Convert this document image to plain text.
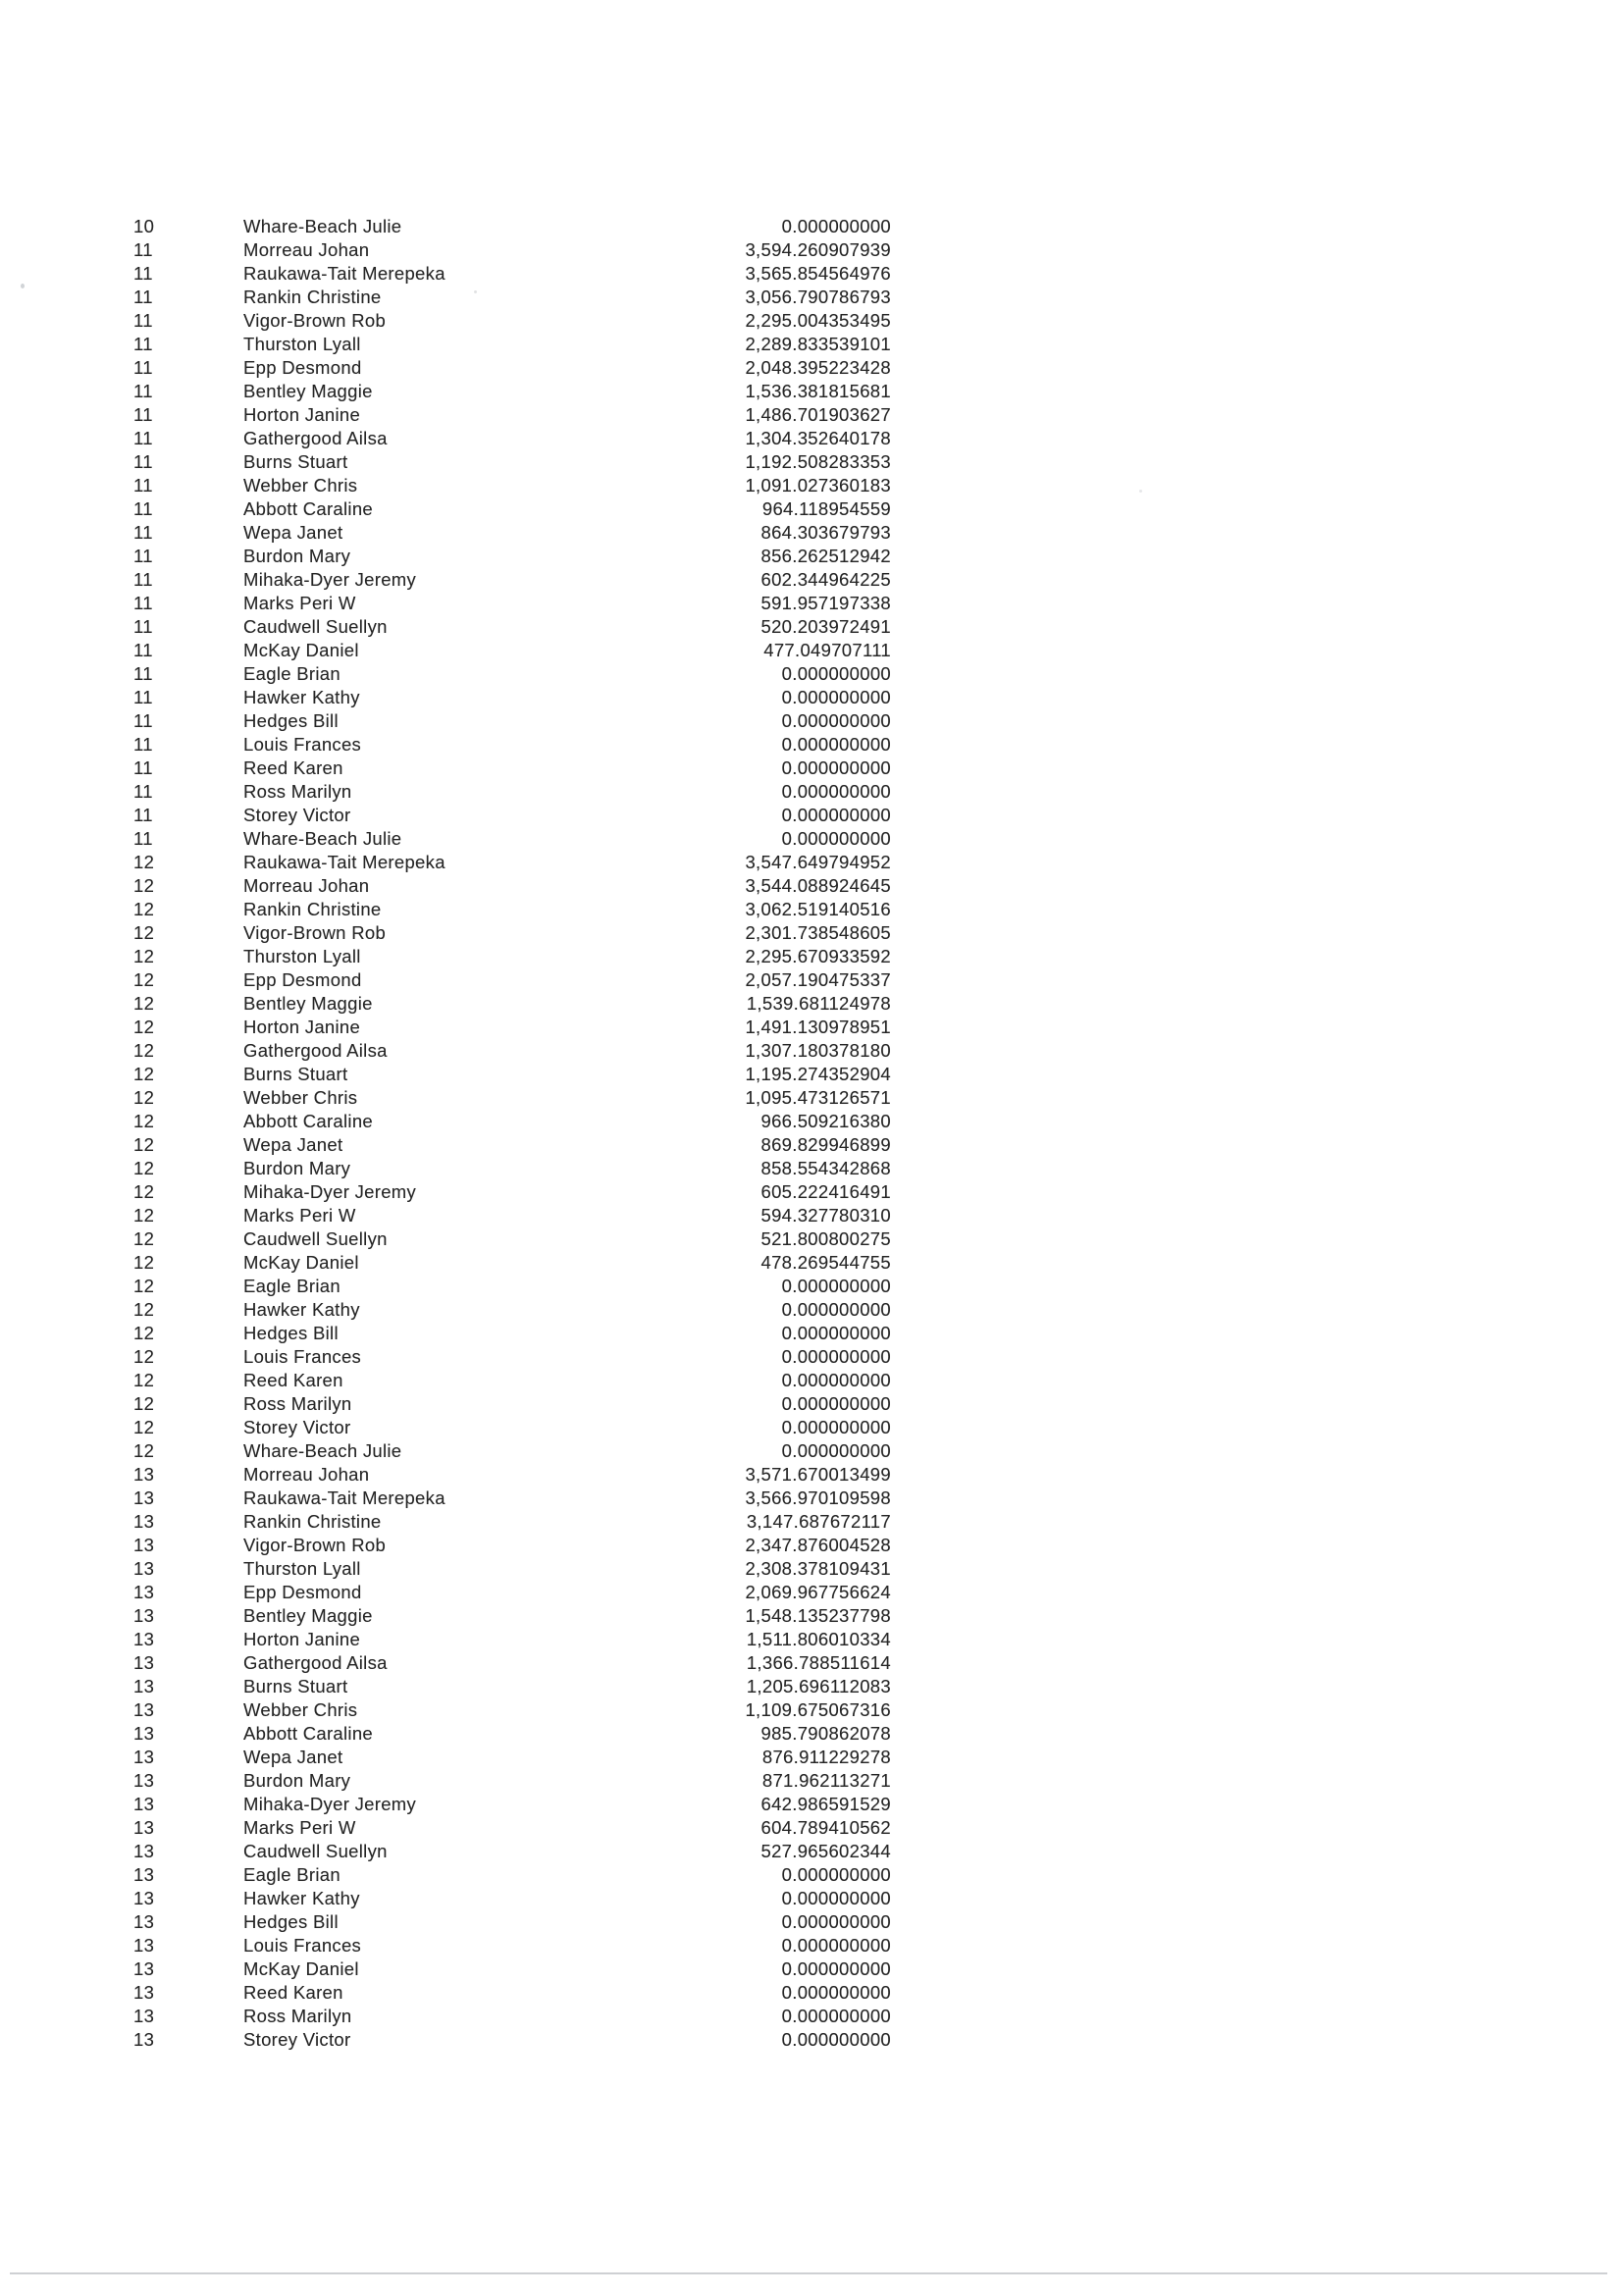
10	Whare-Beach Julie	0.000000000
11	Morreau Johan	3,594.260907939
11	Raukawa-Tait Merepeka	3,565.854564976
11	Rankin Christine	3,056.790786793
11	Vigor-Brown Rob	2,295.004353495
11	Thurston Lyall	2,289.833539101
11	Epp Desmond	2,048.395223428
11	Bentley Maggie	1,536.381815681
11	Horton Janine	1,486.701903627
11	Gathergood Ailsa	1,304.352640178
11	Burns Stuart	1,192.508283353
11	Webber Chris	1,091.027360183
11	Abbott Caraline	964.118954559
11	Wepa Janet	864.303679793
11	Burdon Mary	856.262512942
11	Mihaka-Dyer Jeremy	602.344964225
11	Marks Peri W	591.957197338
11	Caudwell Suellyn	520.203972491
11	McKay Daniel	477.049707111
11	Eagle Brian	0.000000000
11	Hawker Kathy	0.000000000
11	Hedges Bill	0.000000000
11	Louis Frances	0.000000000
11	Reed Karen	0.000000000
11	Ross Marilyn	0.000000000
11	Storey Victor	0.000000000
11	Whare-Beach Julie	0.000000000
12	Raukawa-Tait Merepeka	3,547.649794952
12	Morreau Johan	3,544.088924645
12	Rankin Christine	3,062.519140516
12	Vigor-Brown Rob	2,301.738548605
12	Thurston Lyall	2,295.670933592
12	Epp Desmond	2,057.190475337
12	Bentley Maggie	1,539.681124978
12	Horton Janine	1,491.130978951
12	Gathergood Ailsa	1,307.180378180
12	Burns Stuart	1,195.274352904
12	Webber Chris	1,095.473126571
12	Abbott Caraline	966.509216380
12	Wepa Janet	869.829946899
12	Burdon Mary	858.554342868
12	Mihaka-Dyer Jeremy	605.222416491
12	Marks Peri W	594.327780310
12	Caudwell Suellyn	521.800800275
12	McKay Daniel	478.269544755
12	Eagle Brian	0.000000000
12	Hawker Kathy	0.000000000
12	Hedges Bill	0.000000000
12	Louis Frances	0.000000000
12	Reed Karen	0.000000000
12	Ross Marilyn	0.000000000
12	Storey Victor	0.000000000
12	Whare-Beach Julie	0.000000000
13	Morreau Johan	3,571.670013499
13	Raukawa-Tait Merepeka	3,566.970109598
13	Rankin Christine	3,147.687672117
13	Vigor-Brown Rob	2,347.876004528
13	Thurston Lyall	2,308.378109431
13	Epp Desmond	2,069.967756624
13	Bentley Maggie	1,548.135237798
13	Horton Janine	1,511.806010334
13	Gathergood Ailsa	1,366.788511614
13	Burns Stuart	1,205.696112083
13	Webber Chris	1,109.675067316
13	Abbott Caraline	985.790862078
13	Wepa Janet	876.911229278
13	Burdon Mary	871.962113271
13	Mihaka-Dyer Jeremy	642.986591529
13	Marks Peri W	604.789410562
13	Caudwell Suellyn	527.965602344
13	Eagle Brian	0.000000000
13	Hawker Kathy	0.000000000
13	Hedges Bill	0.000000000
13	Louis Frances	0.000000000
13	McKay Daniel	0.000000000
13	Reed Karen	0.000000000
13	Ross Marilyn	0.000000000
13	Storey Victor	0.000000000
